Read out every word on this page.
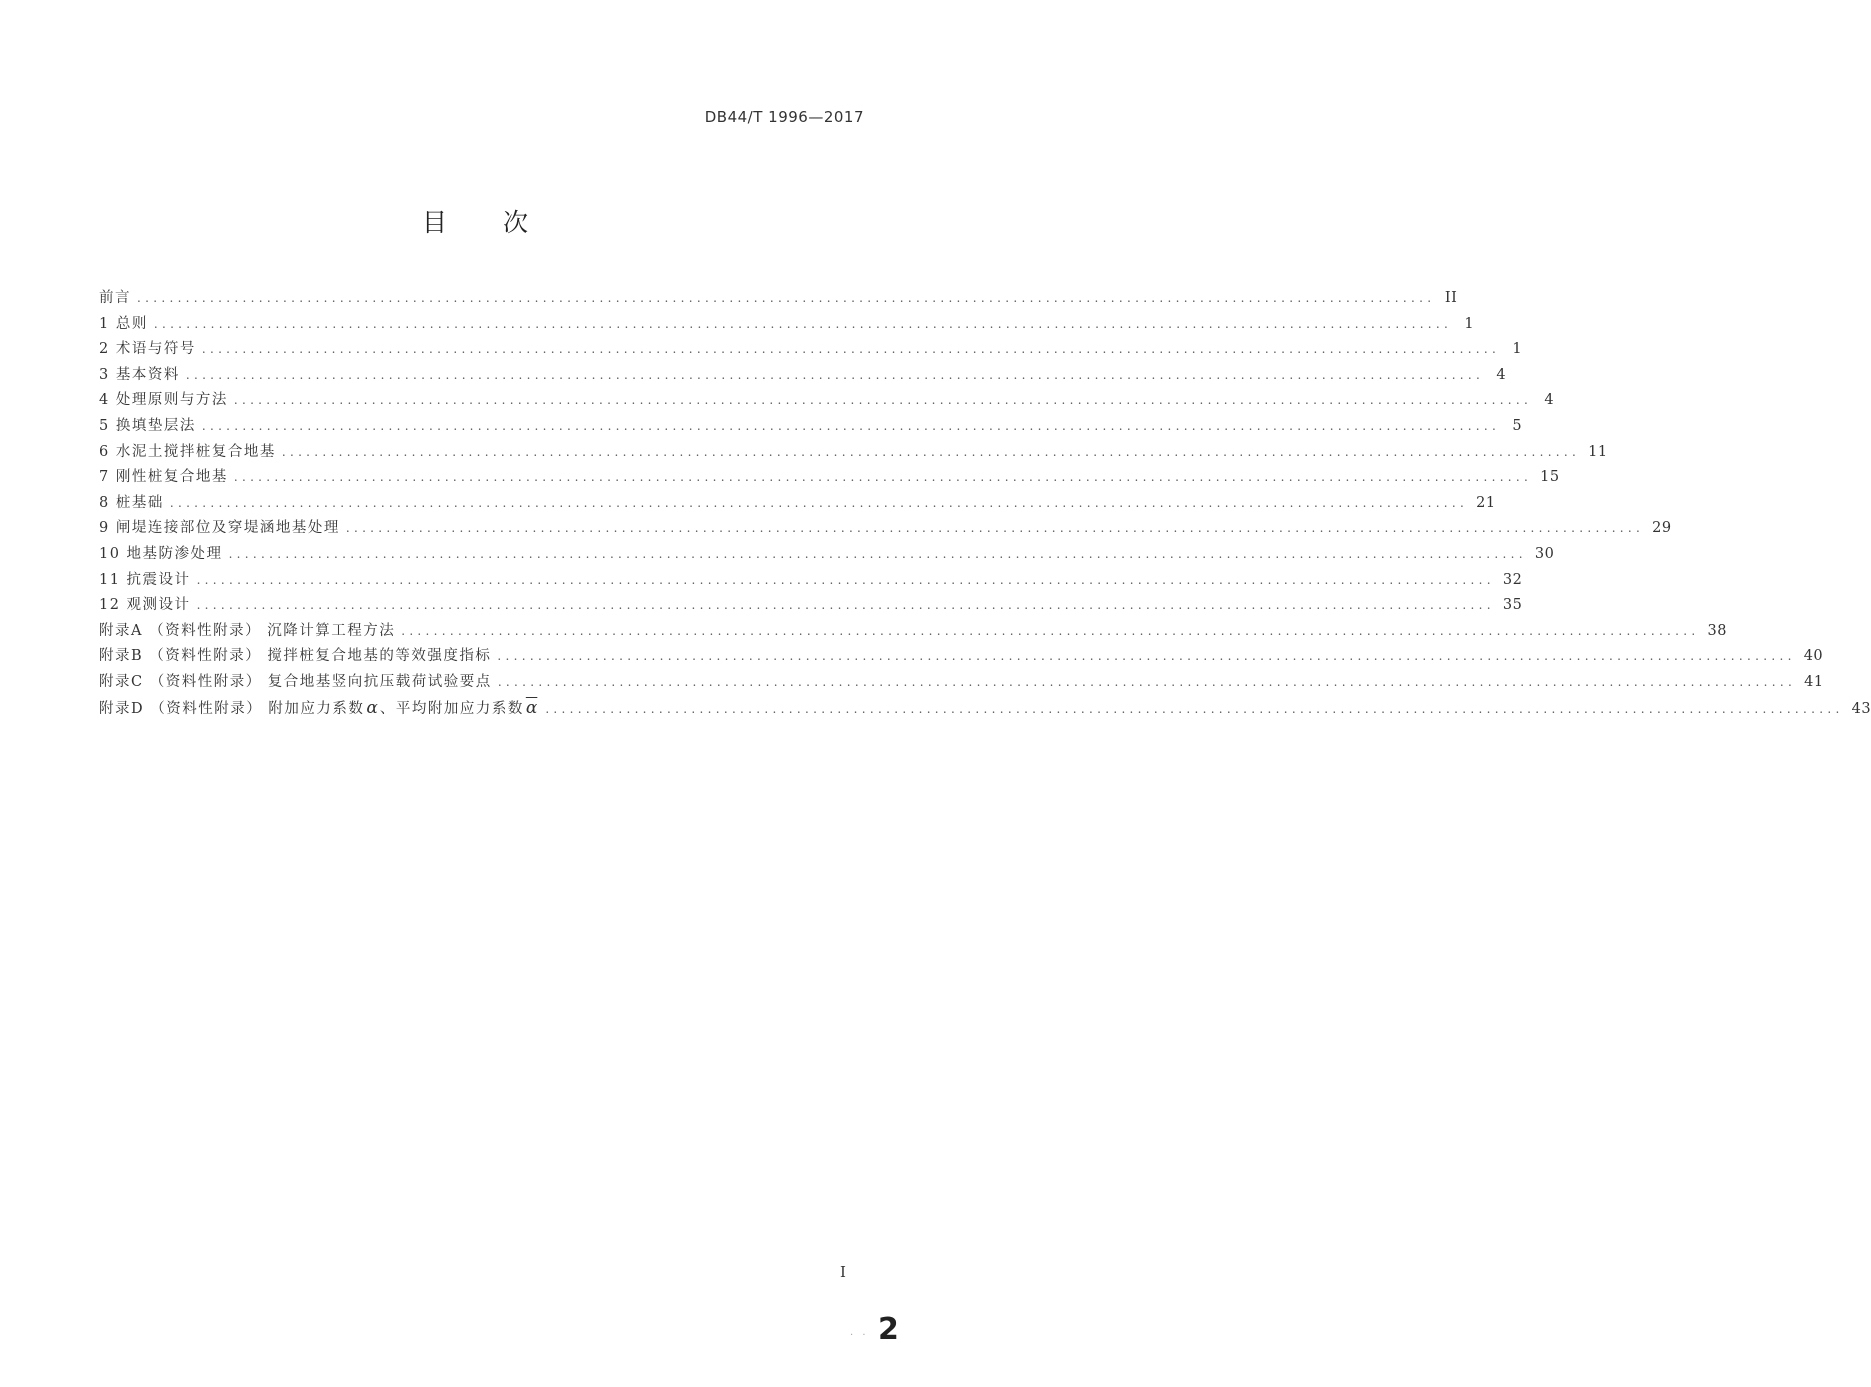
DB44/T 1996—2017
目 次
前言 ................................................................................................................................................................ II
1 总则 ................................................................................................................................................................ 1
2 术语与符号 ................................................................................................................................................................ 1
3 基本资料 ................................................................................................................................................................ 4
4 处理原则与方法 ................................................................................................................................................................ 4
5 换填垫层法 ................................................................................................................................................................ 5
6 水泥土搅拌桩复合地基 ................................................................................................................................................................ 11
7 刚性桩复合地基 ................................................................................................................................................................ 15
8 桩基础 ................................................................................................................................................................ 21
9 闸堤连接部位及穿堤涵地基处理 ................................................................................................................................................................ 29
10 地基防渗处理 ................................................................................................................................................................ 30
11 抗震设计 ................................................................................................................................................................ 32
12 观测设计 ................................................................................................................................................................ 35
附录A （资料性附录） 沉降计算工程方法 ................................................................................................................................................................ 38
附录B （资料性附录） 搅拌桩复合地基的等效强度指标 ................................................................................................................................................................ 40
附录C （资料性附录） 复合地基竖向抗压载荷试验要点 ................................................................................................................................................................ 41
附录D （资料性附录） 附加应力系数 α 、平均附加应力系数 $\overline{\alpha}$ ................................................................................................................................................................ 43
I
· · 2
